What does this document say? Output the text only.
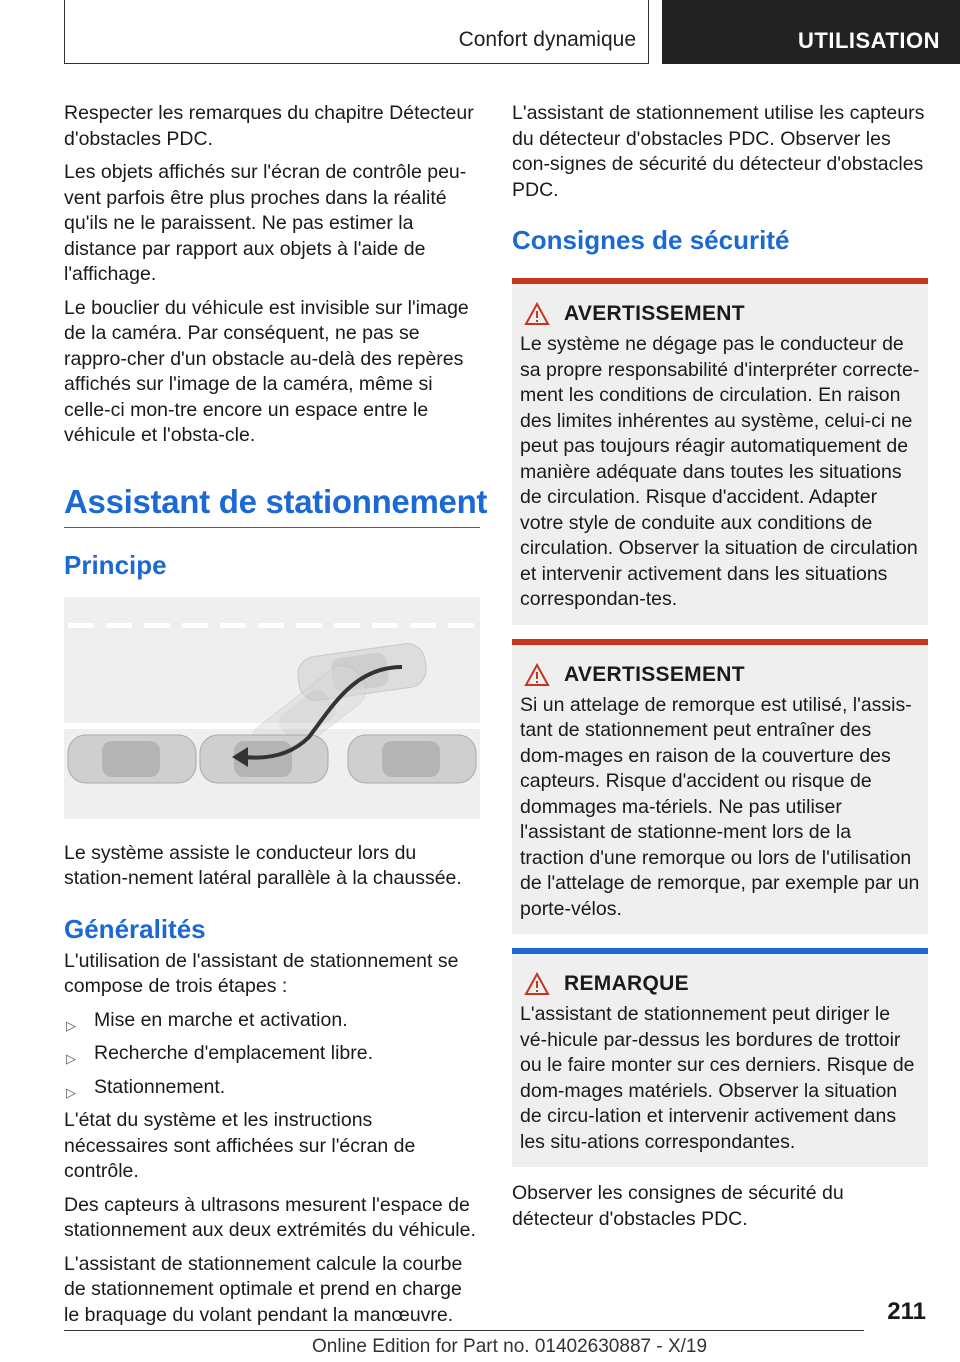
Confort dynamique	UTILISATION

Respecter les remarques du chapitre Détecteur d'obstacles PDC.

Les objets affichés sur l'écran de contrôle peu-vent parfois être plus proches dans la réalité qu'ils ne le paraissent. Ne pas estimer la distance par rapport aux objets à l'aide de l'affichage.

Le bouclier du véhicule est invisible sur l'image de la caméra. Par conséquent, ne pas se rappro-cher d'un obstacle au-delà des repères affichés sur l'image de la caméra, même si celle-ci mon-tre encore un espace entre le véhicule et l'obsta-cle.

Assistant de stationnement
Principe

Le système assiste le conducteur lors du station-nement latéral parallèle à la chaussée.

Généralités

L'utilisation de l'assistant de stationnement se compose de trois étapes :

▷ Mise en marche et activation.
▷ Recherche d'emplacement libre.
▷ Stationnement.

L'état du système et les instructions nécessaires sont affichées sur l'écran de contrôle.

Des capteurs à ultrasons mesurent l'espace de stationnement aux deux extrémités du véhicule.

L'assistant de stationnement calcule la courbe de stationnement optimale et prend en charge le braquage du volant pendant la manœuvre.

L'assistant de stationnement utilise les capteurs du détecteur d'obstacles PDC. Observer les con-signes de sécurité du détecteur d'obstacles PDC.

Consignes de sécurité
AVERTISSEMENT

Le système ne dégage pas le conducteur de sa propre responsabilité d'interpréter correcte-ment les conditions de circulation. En raison des limites inhérentes au système, celui-ci ne peut pas toujours réagir automatiquement de manière adéquate dans toutes les situations de circulation. Risque d'accident. Adapter votre style de conduite aux conditions de circulation. Observer la situation de circulation et intervenir activement dans les situations correspondan-tes.

AVERTISSEMENT

Si un attelage de remorque est utilisé, l'assis-tant de stationnement peut entraîner des dom-mages en raison de la couverture des capteurs. Risque d'accident ou risque de dommages ma-tériels. Ne pas utiliser l'assistant de stationne-ment lors de la traction d'une remorque ou lors de l'utilisation de l'attelage de remorque, par exemple par un porte-vélos.

REMARQUE

L'assistant de stationnement peut diriger le vé-hicule par-dessus les bordures de trottoir ou le faire monter sur ces derniers. Risque de dom-mages matériels. Observer la situation de circu-lation et intervenir activement dans les situ-ations correspondantes.

Observer les consignes de sécurité du détecteur d'obstacles PDC.

211
Online Edition for Part no. 01402630887 - X/19
